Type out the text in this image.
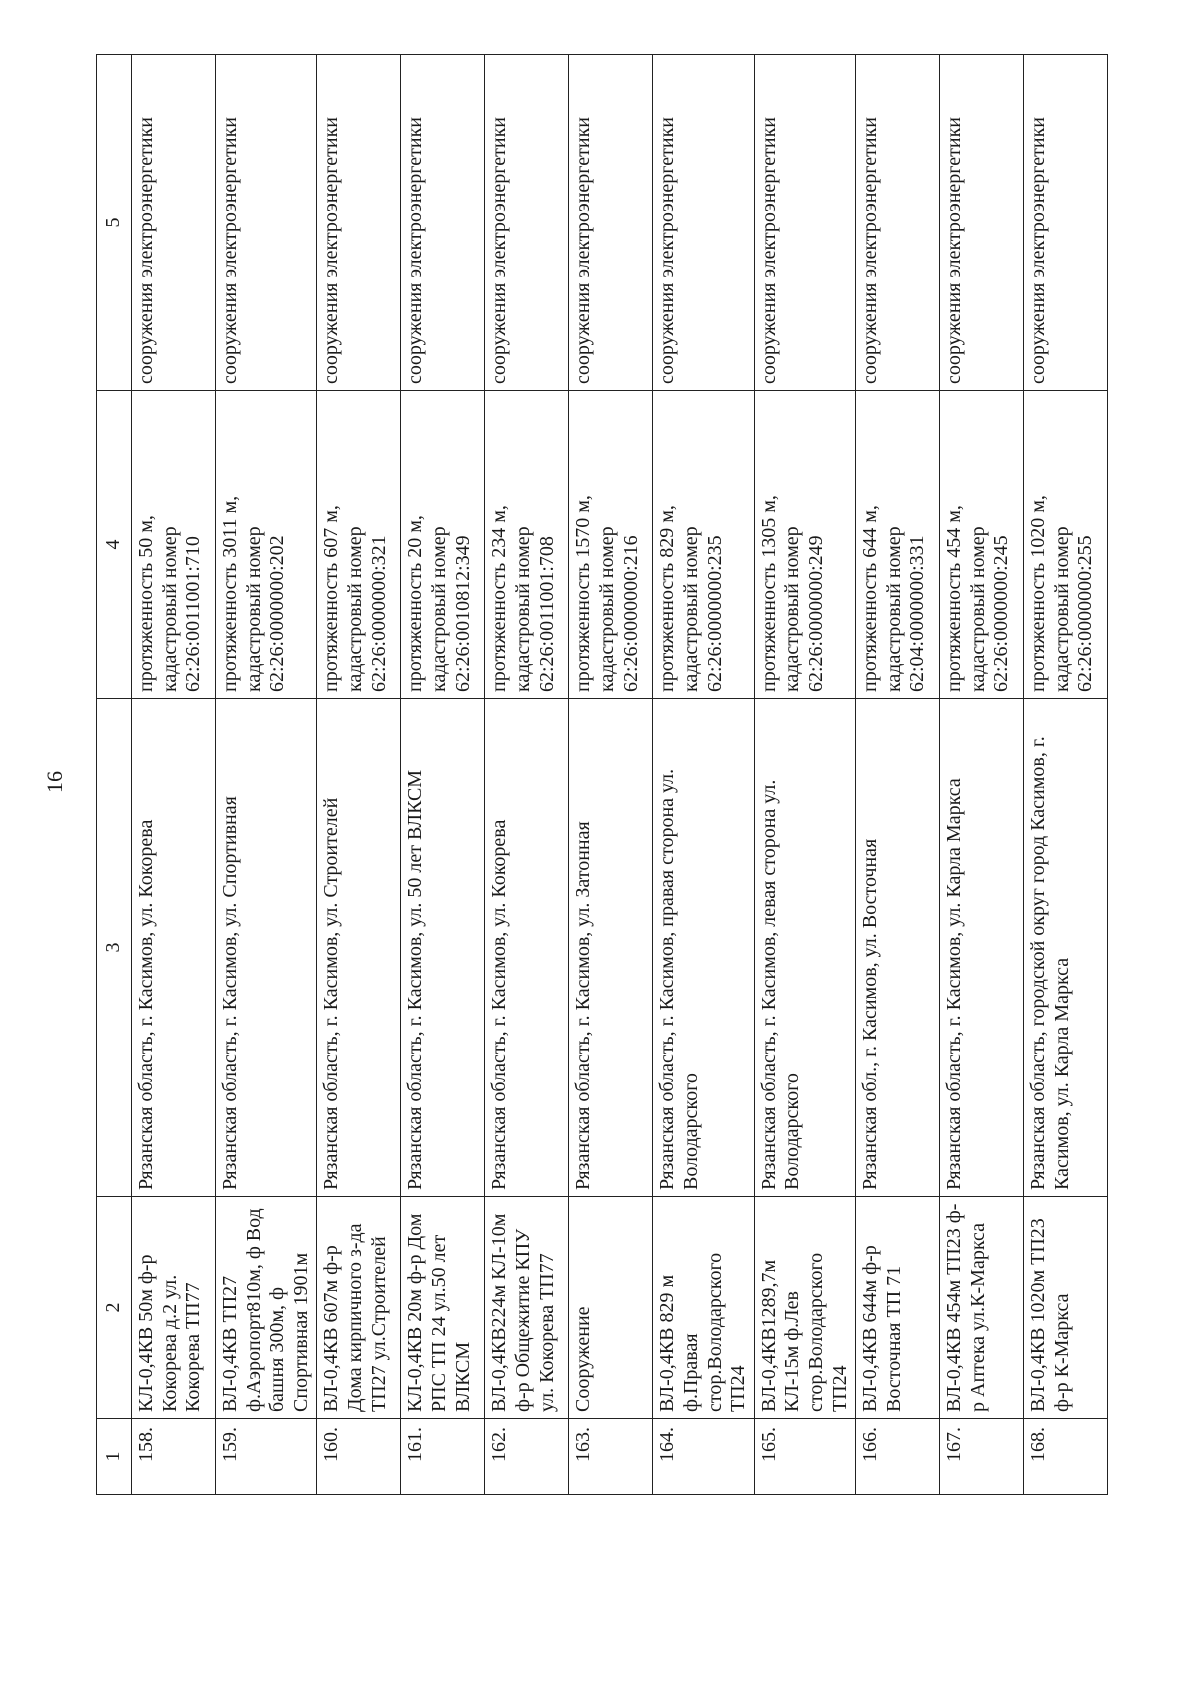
16
1	2	3	4	5
158.	КЛ-0,4КВ 50м ф-р Кокорева д.2 ул. Кокорева ТП77	Рязанская область, г. Касимов, ул. Кокорева	протяженность 50 м, кадастровый номер 62:26:0011001:710	сооружения электроэнергетики
159.	ВЛ-0,4КВ ТП27 ф.Аэропорт810м, ф Вод башня 300м, ф Спортивная 1901м	Рязанская область, г. Касимов, ул. Спортивная	протяженность 3011 м, кадастровый номер 62:26:0000000:202	сооружения электроэнергетики
160.	ВЛ-0,4КВ 607м ф-р Дома кирпичного з-да ТП27 ул.Строителей	Рязанская область, г. Касимов, ул. Строителей	протяженность 607 м, кадастровый номер 62:26:0000000:321	сооружения электроэнергетики
161.	КЛ-0,4КВ 20м ф-р Дом РПС ТП 24 ул.50 лет ВЛКСМ	Рязанская область, г. Касимов, ул. 50 лет ВЛКСМ	протяженность 20 м, кадастровый номер 62:26:0010812:349	сооружения электроэнергетики
162.	ВЛ-0,4КВ224м КЛ-10м ф-р Общежитие КПУ ул. Кокорева ТП77	Рязанская область, г. Касимов, ул. Кокорева	протяженность 234 м, кадастровый номер 62:26:0011001:708	сооружения электроэнергетики
163.	Сооружение	Рязанская область, г. Касимов, ул. Затонная	протяженность 1570 м, кадастровый номер 62:26:0000000:216	сооружения электроэнергетики
164.	ВЛ-0,4КВ 829 м ф.Правая стор.Володарского ТП24	Рязанская область, г. Касимов, правая сторона ул. Володарского	протяженность 829 м, кадастровый номер 62:26:0000000:235	сооружения электроэнергетики
165.	ВЛ-0,4КВ1289,7м КЛ-15м ф.Лев стор.Володарского ТП24	Рязанская область, г. Касимов, левая сторона ул. Володарского	протяженность 1305 м, кадастровый номер 62:26:0000000:249	сооружения электроэнергетики
166.	ВЛ-0,4КВ 644м ф-р Восточная ТП 71	Рязанская обл., г. Касимов, ул. Восточная	протяженность 644 м, кадастровый номер 62:04:0000000:331	сооружения электроэнергетики
167.	ВЛ-0,4КВ 454м ТП23 ф-р Аптека ул.К-Маркса	Рязанская область, г. Касимов, ул. Карла Маркса	протяженность 454 м, кадастровый номер 62:26:0000000:245	сооружения электроэнергетики
168.	ВЛ-0,4КВ 1020м ТП23 ф-р К-Маркса	Рязанская область, городской округ город Касимов, г. Касимов, ул. Карла Маркса	протяженность 1020 м, кадастровый номер 62:26:0000000:255	сооружения электроэнергетики
